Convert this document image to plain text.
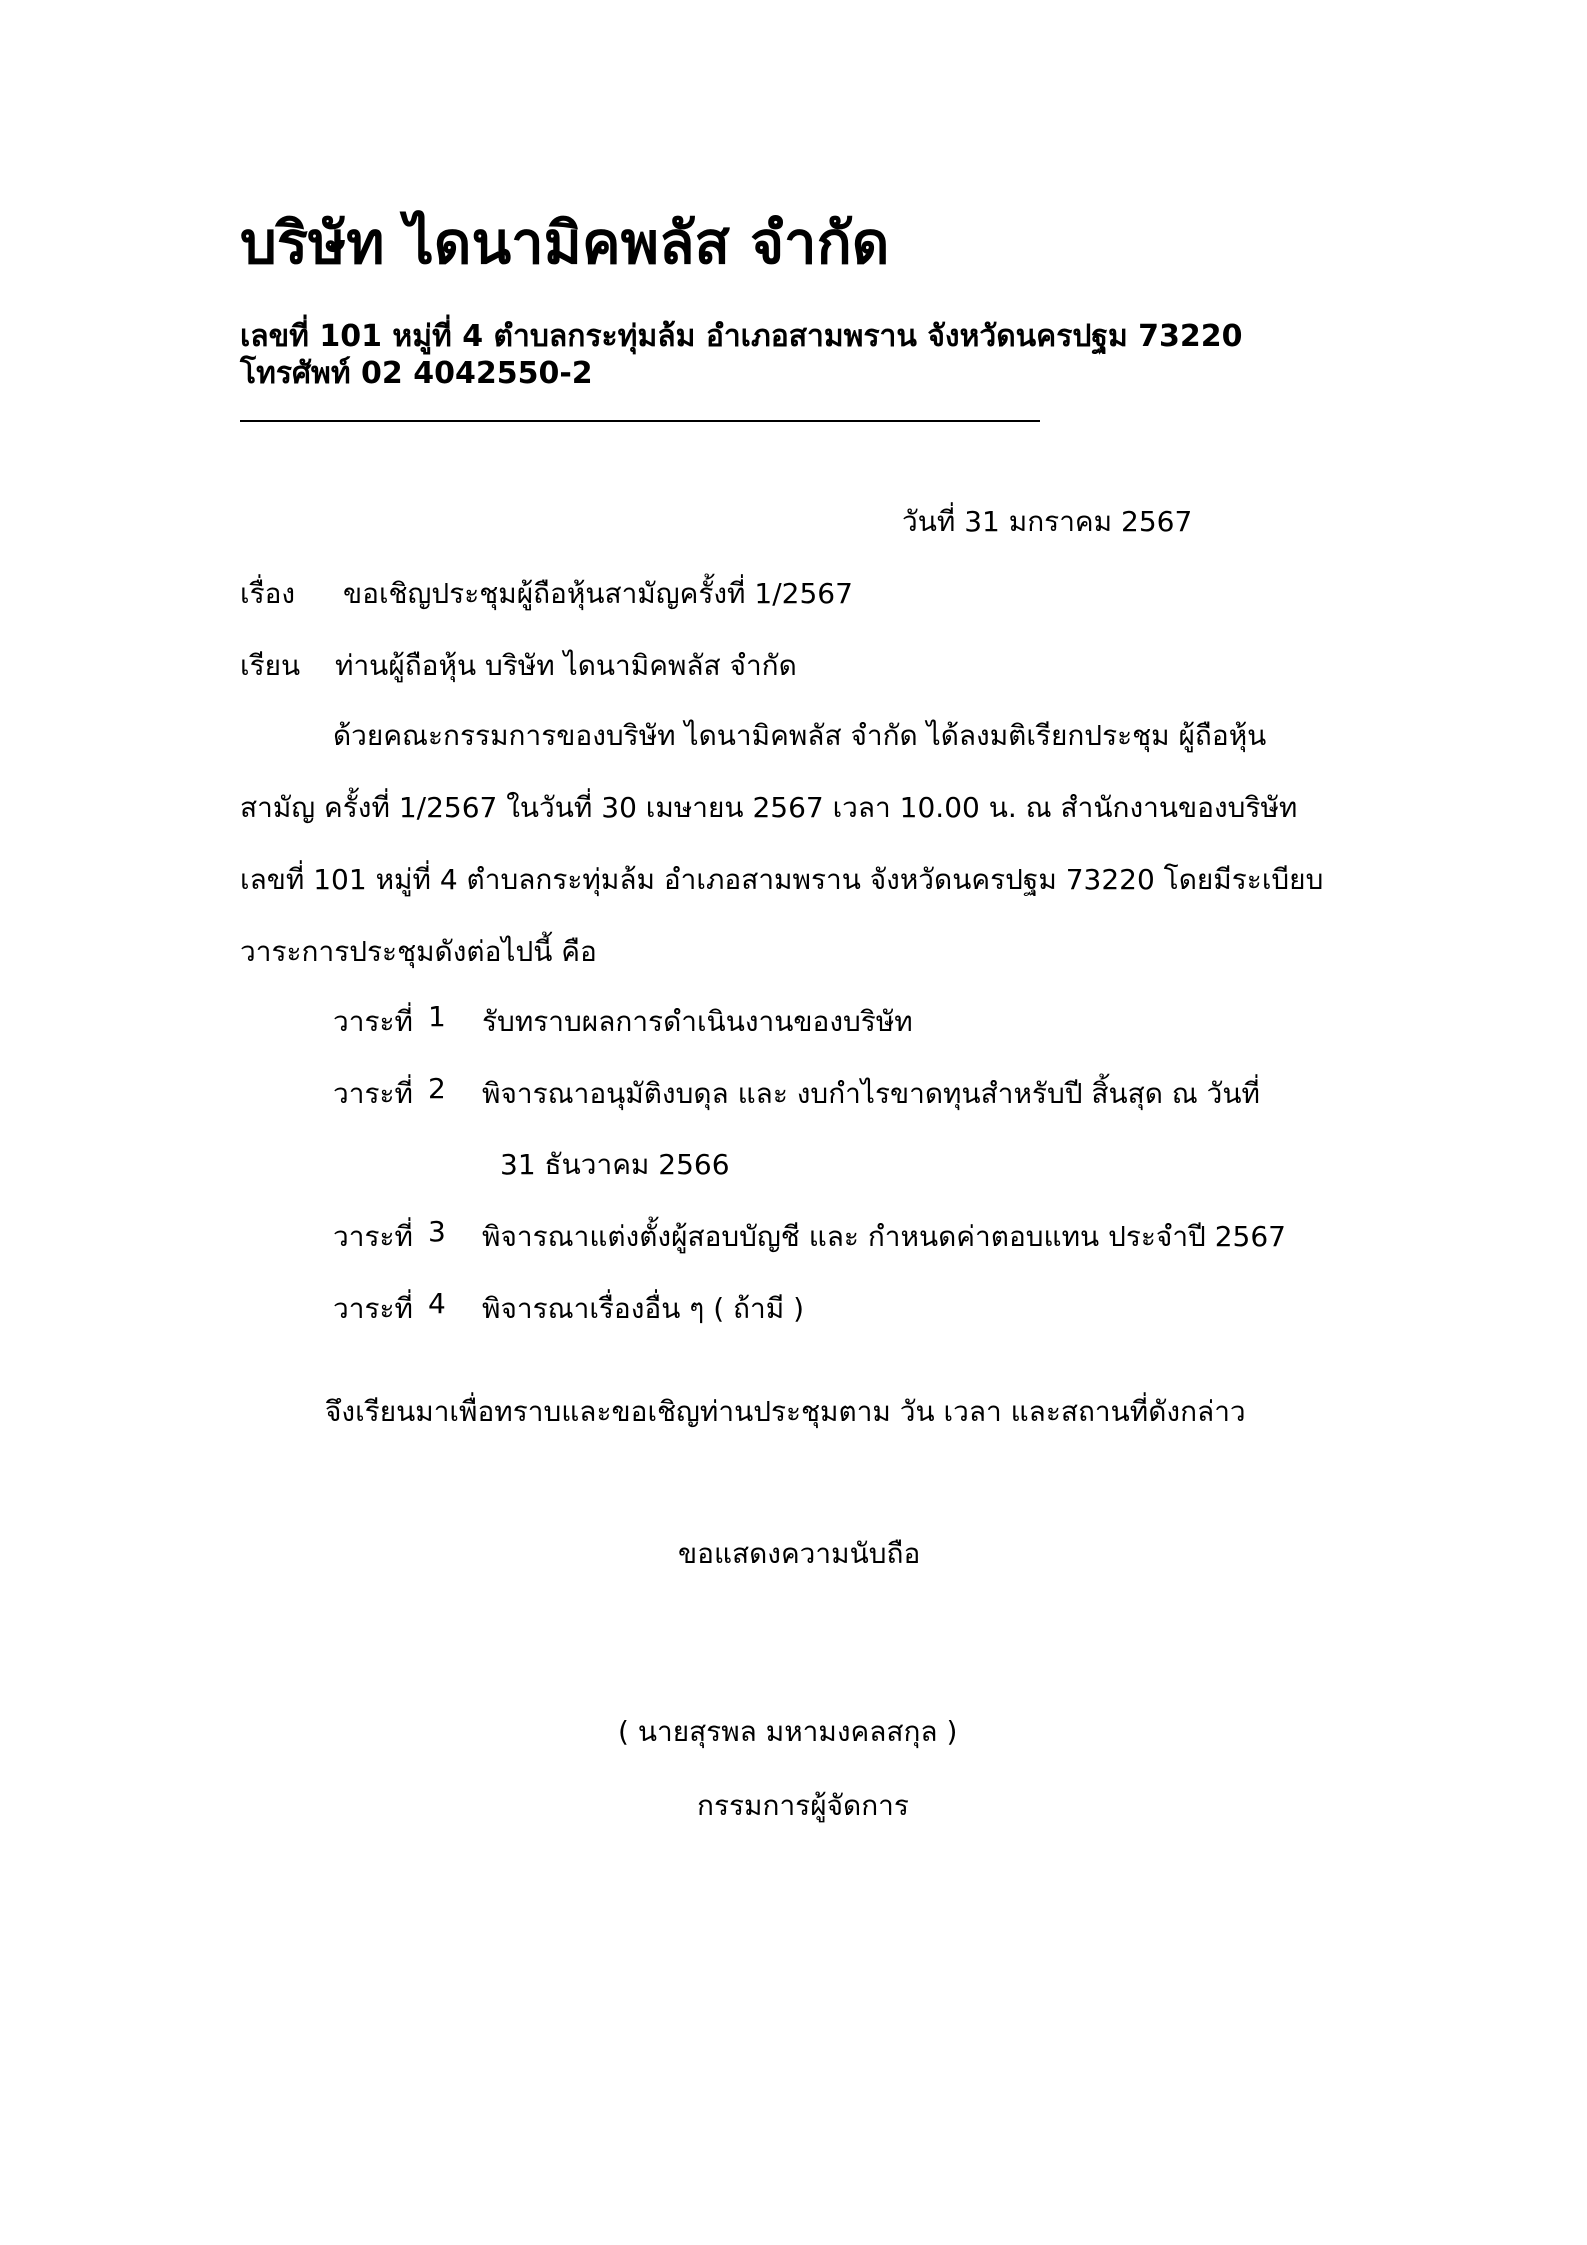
บริษัท ไดนามิคพลัส จำกัด
เลขที่ 101 หมู่ที่ 4 ตำบลกระทุ่มล้ม อำเภอสามพราน จังหวัดนครปฐม 73220
โทรศัพท์ 02 4042550-2
วันที่ 31 มกราคม 2567
เรื่อง ขอเชิญประชุมผู้ถือหุ้นสามัญครั้งที่ 1/2567
เรียน ท่านผู้ถือหุ้น บริษัท ไดนามิคพลัส จำกัด
ด้วยคณะกรรมการของบริษัท ไดนามิคพลัส จำกัด ได้ลงมติเรียกประชุม ผู้ถือหุ้น
สามัญ ครั้งที่ 1/2567 ในวันที่ 30 เมษายน 2567 เวลา 10.00 น. ณ สำนักงานของบริษัท
เลขที่ 101 หมู่ที่ 4 ตำบลกระทุ่มล้ม อำเภอสามพราน จังหวัดนครปฐม 73220 โดยมีระเบียบ
วาระการประชุมดังต่อไปนี้ คือ
วาระที่ 1 รับทราบผลการดำเนินงานของบริษัท
วาระที่ 2 พิจารณาอนุมัติงบดุล และ งบกำไรขาดทุนสำหรับปี สิ้นสุด ณ วันที่
31 ธันวาคม 2566
วาระที่ 3 พิจารณาแต่งตั้งผู้สอบบัญชี และ กำหนดค่าตอบแทน ประจำปี 2567
วาระที่ 4 พิจารณาเรื่องอื่น ๆ ( ถ้ามี )
จึงเรียนมาเพื่อทราบและขอเชิญท่านประชุมตาม วัน เวลา และสถานที่ดังกล่าว
ขอแสดงความนับถือ
( นายสุรพล มหามงคลสกุล )
กรรมการผู้จัดการ
